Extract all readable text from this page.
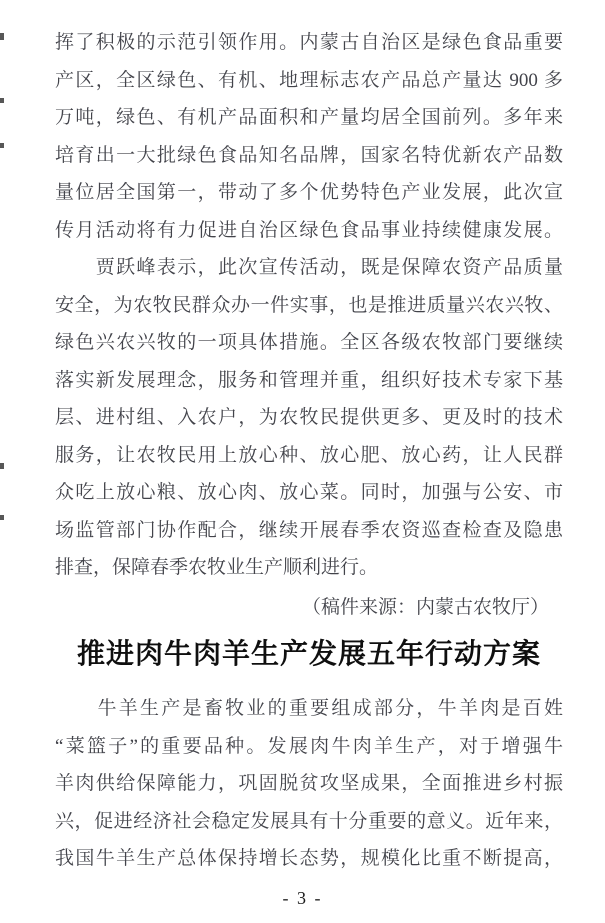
挥了积极的示范引领作用。内蒙古自治区是绿色食品重要
产区，全区绿色、有机、地理标志农产品总产量达 900 多
万吨，绿色、有机产品面积和产量均居全国前列。多年来
培育出一大批绿色食品知名品牌，国家名特优新农产品数
量位居全国第一，带动了多个优势特色产业发展，此次宣
传月活动将有力促进自治区绿色食品事业持续健康发展。
　　贾跃峰表示，此次宣传活动，既是保障农资产品质量
安全，为农牧民群众办一件实事，也是推进质量兴农兴牧、
绿色兴农兴牧的一项具体措施。全区各级农牧部门要继续
落实新发展理念，服务和管理并重，组织好技术专家下基
层、进村组、入农户，为农牧民提供更多、更及时的技术
服务，让农牧民用上放心种、放心肥、放心药，让人民群
众吃上放心粮、放心肉、放心菜。同时，加强与公安、市
场监管部门协作配合，继续开展春季农资巡查检查及隐患
排查，保障春季农牧业生产顺利进行。
（稿件来源：内蒙古农牧厅）
推进肉牛肉羊生产发展五年行动方案
　　牛羊生产是畜牧业的重要组成部分，牛羊肉是百姓
“菜篮子”的重要品种。发展肉牛肉羊生产，对于增强牛
羊肉供给保障能力，巩固脱贫攻坚成果，全面推进乡村振
兴，促进经济社会稳定发展具有十分重要的意义。近年来，
我国牛羊生产总体保持增长态势，规模化比重不断提高，
- 3 -
